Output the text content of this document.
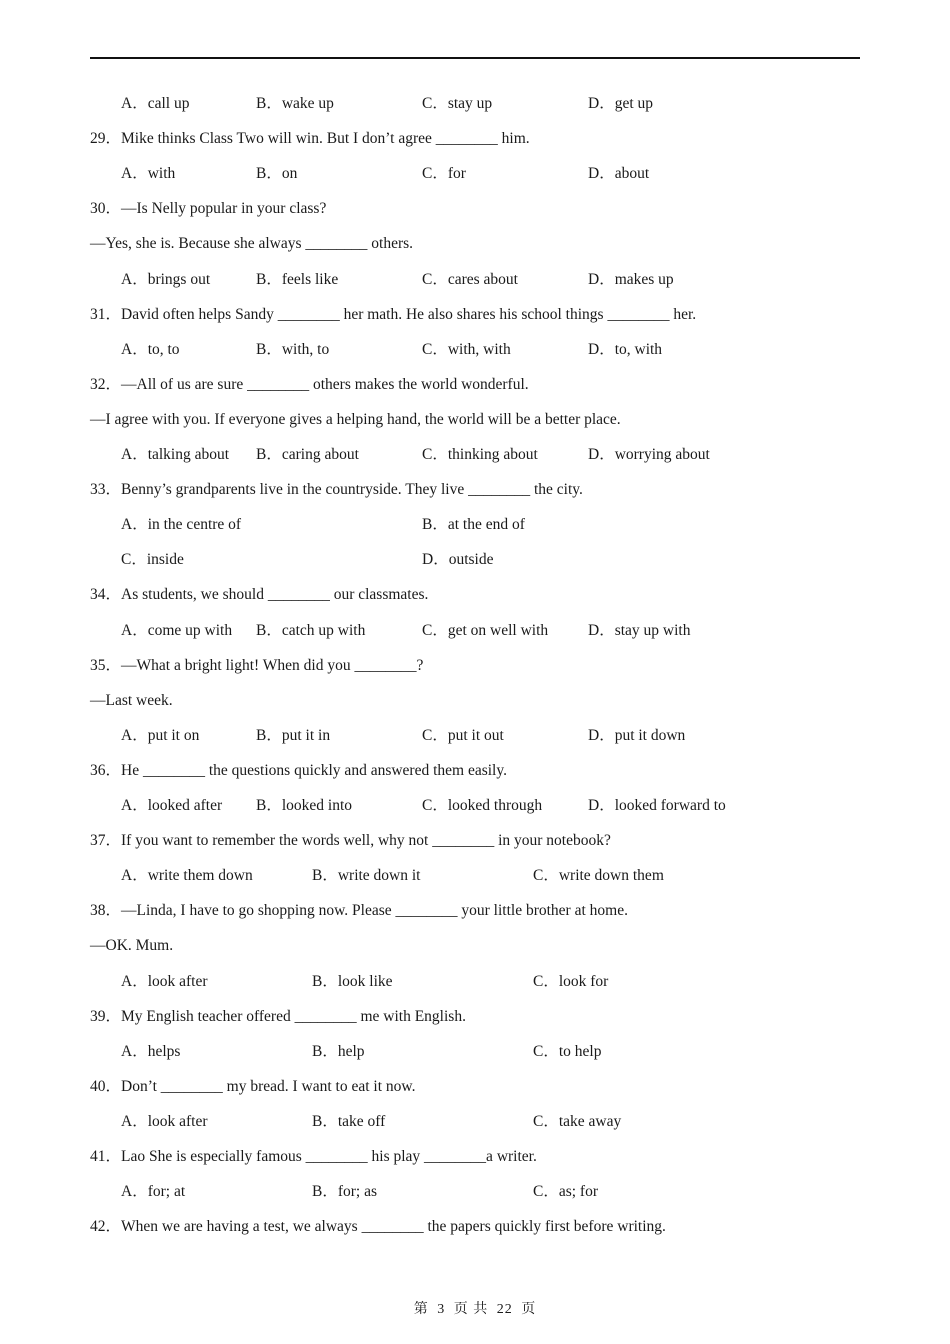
A．call up	B．wake up	C．stay up	D．get up
29．Mike thinks Class Two will win. But I don’t agree ________ him.
A．with	B．on	C．for	D．about
30．—Is Nelly popular in your class?
—Yes, she is. Because she always ________ others.
A．brings out	B．feels like	C．cares about	D．makes up
31．David often helps Sandy ________ her math. He also shares his school things ________ her.
A．to, to	B．with, to	C．with, with	D．to, with
32．—All of us are sure ________ others makes the world wonderful.
—I agree with you. If everyone gives a helping hand, the world will be a better place.
A．talking about B．caring about	C．thinking about	D．worrying about
33．Benny’s grandparents live in the countryside. They live ________ the city.
A．in the centre of	B．at the end of
C．inside	D．outside
34．As students, we should ________ our classmates.
A．come up with B．catch up with	C．get on well with	D．stay up with
35．—What a bright light! When did you ________?
—Last week.
A．put it on	B．put it in	C．put it out	D．put it down
36．He ________ the questions quickly and answered them easily.
A．looked after B．looked into	C．looked through	D．looked forward to
37．If you want to remember the words well, why not ________ in your notebook?
A．write them down	B．write down it	C．write down them
38．—Linda, I have to go shopping now. Please ________ your little brother at home.
—OK. Mum.
A．look after	B．look like	C．look for
39．My English teacher offered ________ me with English.
A．helps	B．help	C．to help
40．Don’t ________ my bread. I want to eat it now.
A．look after	B．take off	C．take away
41．Lao She is especially famous ________ his play ________a writer.
A．for; at	B．for; as	C．as; for
42．When we are having a test, we always ________ the papers quickly first before writing.
第 3 页 共 22 页
